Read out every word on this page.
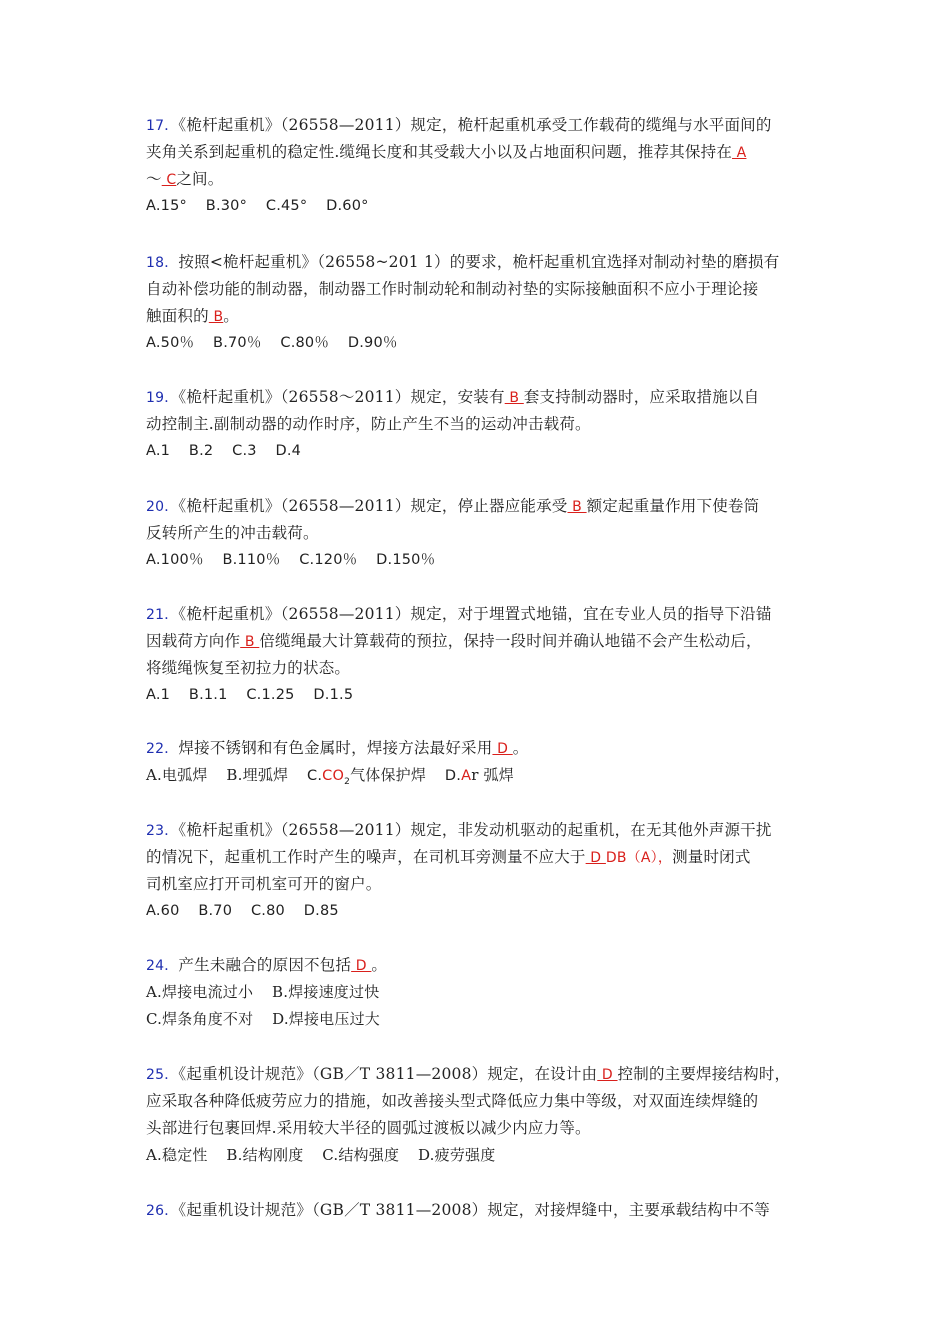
17．《桅杆起重机》（26558—2011）规定，桅杆起重机承受工作载荷的缆绳与水平面间的
夹角关系到起重机的稳定性.缆绳长度和其受载大小以及占地面积问题，推荐其保持在 A
～ C之间。
A.15° B.30° C.45° D.60°
18．按照<桅杆起重机》（26558~201 1）的要求，桅杆起重机宜选择对制动衬垫的磨损有
自动补偿功能的制动器，制动器工作时制动轮和制动衬垫的实际接触面积不应小于理论接
触面积的 B。
A.50％ B.70％ C.80％ D.90％
19．《桅杆起重机》（26558～2011）规定，安装有 B 套支持制动器时，应采取措施以自
动控制主.副制动器的动作时序，防止产生不当的运动冲击载荷。
A.1 B.2 C.3 D.4
20．《桅杆起重机》（26558—2011）规定，停止器应能承受 B 额定起重量作用下使卷筒
反转所产生的冲击载荷。
A.100％ B.110％ C.120％ D.150％
21．《桅杆起重机》（26558—2011）规定，对于埋置式地锚，宜在专业人员的指导下沿锚
因载荷方向作 B 倍缆绳最大计算载荷的预拉，保持一段时间并确认地锚不会产生松动后，
将缆绳恢复至初拉力的状态。
A.1 B.1.1 C.1.25 D.1.5
22．焊接不锈钢和有色金属时，焊接方法最好采用 D 。
A.电弧焊 B.埋弧焊 $C.CO_2$气体保护焊 D.Ar 弧焊
23．《桅杆起重机》（26558—2011）规定，非发动机驱动的起重机，在无其他外声源干扰
的情况下，起重机工作时产生的噪声，在司机耳旁测量不应大于 D DB（A），测量时闭式
司机室应打开司机室可开的窗户。
A.60 B.70 C.80 D.85
24．产生未融合的原因不包括 D 。
A.焊接电流过小 B.焊接速度过快
C.焊条角度不对 D.焊接电压过大
25．《起重机设计规范》（GB／T 3811—2008）规定，在设计由 D 控制的主要焊接结构时，
应采取各种降低疲劳应力的措施，如改善接头型式降低应力集中等级，对双面连续焊缝的
头部进行包裹回焊.采用较大半径的圆弧过渡板以减少内应力等。
A.稳定性 B.结构刚度 C.结构强度 D.疲劳强度
26．《起重机设计规范》（GB／T 3811—2008）规定，对接焊缝中，主要承载结构中不等
